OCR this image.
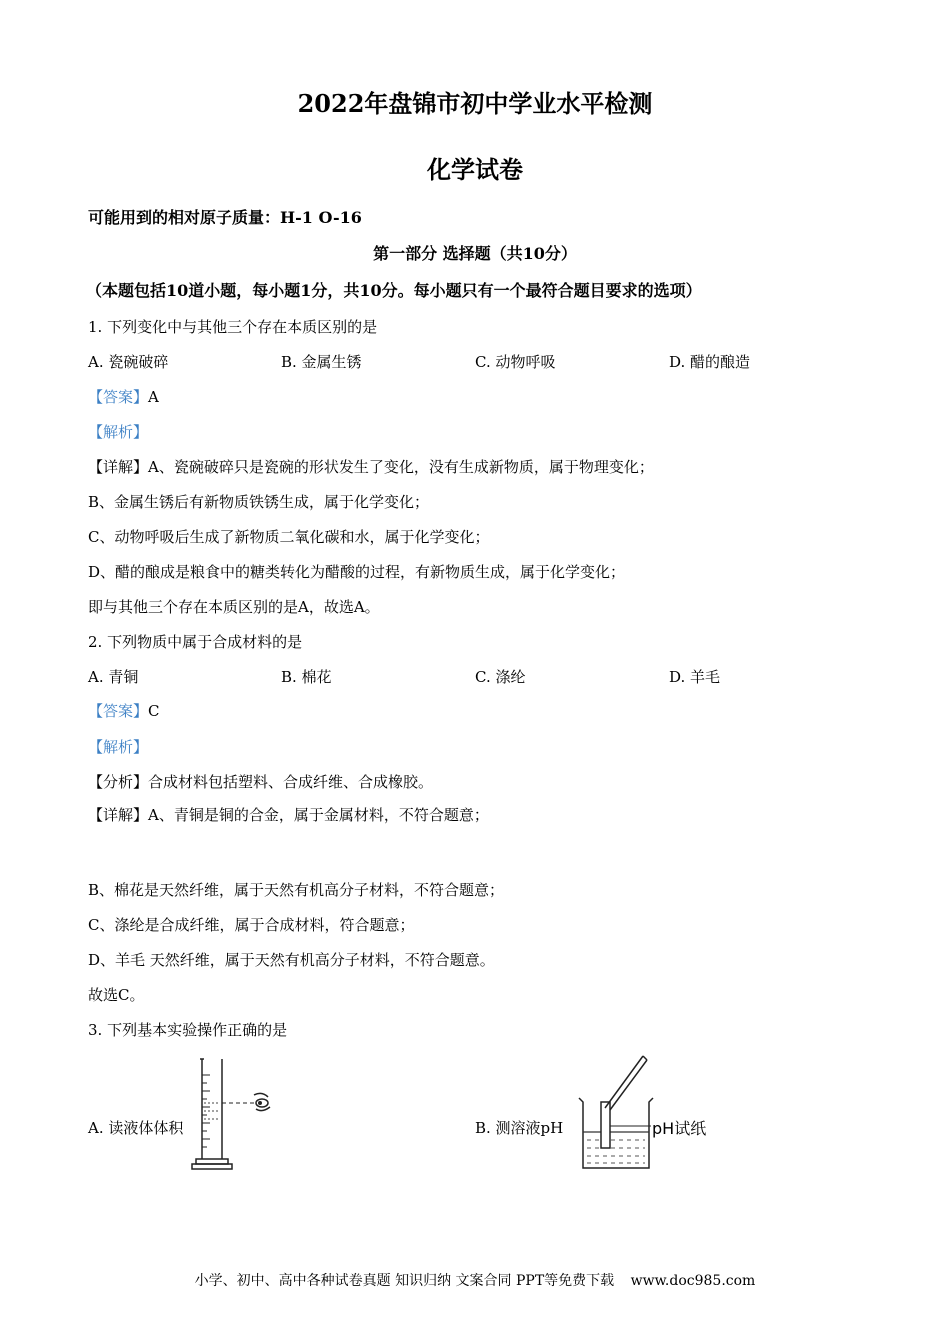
2022年盘锦市初中学业水平检测
化学试卷
可能用到的相对原子质量：H-1 O-16
第一部分 选择题（共10分）
（本题包括10道小题，每小题1分，共10分。每小题只有一个最符合题目要求的选项）
1. 下列变化中与其他三个存在本质区别的是
A. 瓷碗破碎	B. 金属生锈	C. 动物呼吸	D. 醋的酿造
【答案】A
【解析】
【详解】A、瓷碗破碎只是瓷碗的形状发生了变化，没有生成新物质，属于物理变化；
B、金属生锈后有新物质铁锈生成，属于化学变化；
C、动物呼吸后生成了新物质二氧化碳和水，属于化学变化；
D、醋的酿成是粮食中的糖类转化为醋酸的过程，有新物质生成，属于化学变化；
即与其他三个存在本质区别的是A，故选A。
2. 下列物质中属于合成材料的是
A. 青铜	B. 棉花	C. 涤纶	D. 羊毛
【答案】C
【解析】
【分析】合成材料包括塑料、合成纤维、合成橡胶。
【详解】A、青铜是铜的合金，属于金属材料，不符合题意；
B、棉花是天然纤维，属于天然有机高分子材料，不符合题意；
C、涤纶是合成纤维，属于合成材料，符合题意；
D、羊毛 天然纤维，属于天然有机高分子材料，不符合题意。
故选C。
3. 下列基本实验操作正确的是
A. 读液体体积	B. 测溶液pH	pH试纸
小学、初中、高中各种试卷真题 知识归纳 文案合同 PPT等免费下载 www.doc985.com
